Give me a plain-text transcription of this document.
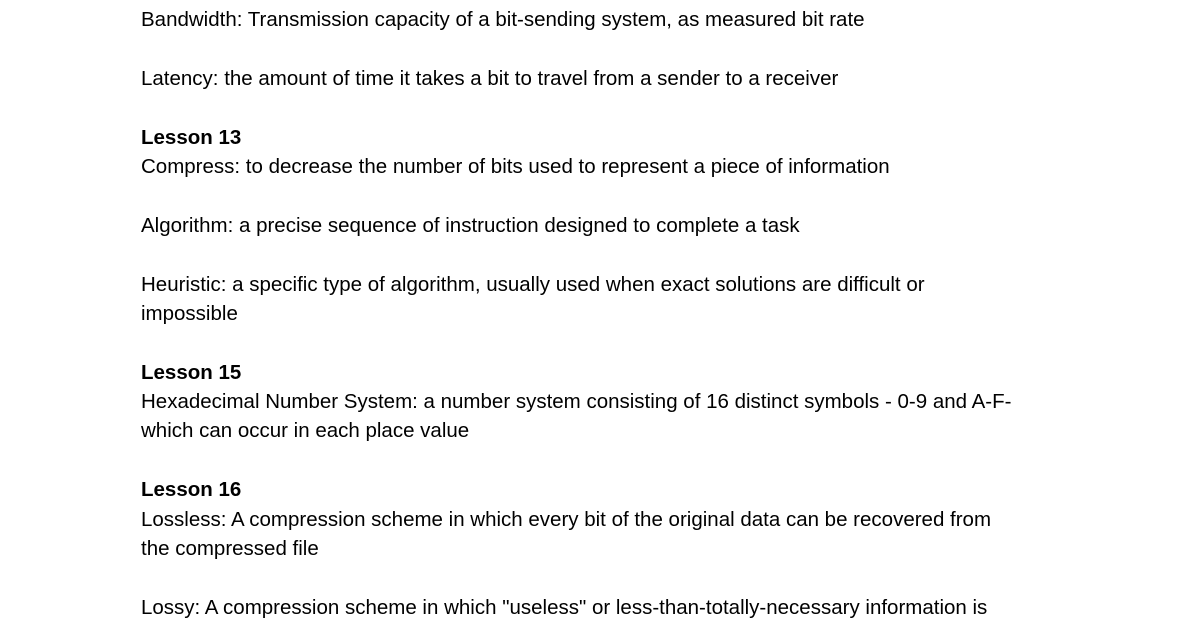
Bandwidth: Transmission capacity of a bit-sending system, as measured bit rate
Latency: the amount of time it takes a bit to travel from a sender to a receiver
Lesson 13
Compress: to decrease the number of bits used to represent a piece of information
Algorithm: a precise sequence of instruction designed to complete a task
Heuristic: a specific type of algorithm, usually used when exact solutions are difficult or
impossible
Lesson 15
Hexadecimal Number System: a number system consisting of 16 distinct symbols - 0-9 and A-F-
which can occur in each place value
Lesson 16
Lossless: A compression scheme in which every bit of the original data can be recovered from
the compressed file
Lossy: A compression scheme in which "useless" or less-than-totally-necessary information is
